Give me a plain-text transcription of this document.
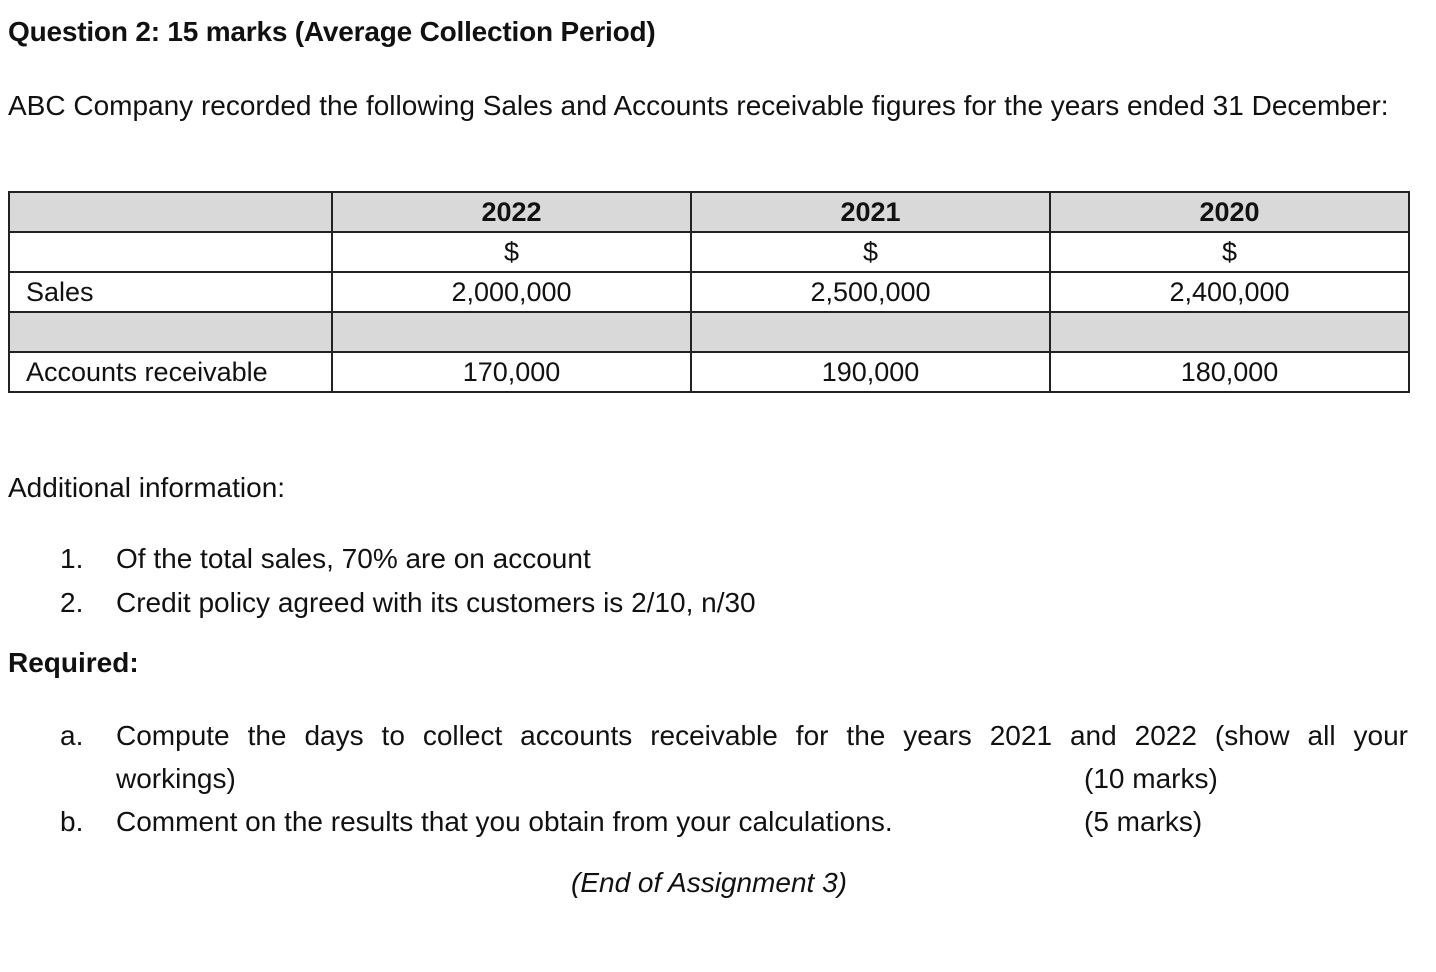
Question 2: 15 marks (Average Collection Period)
ABC Company recorded the following Sales and Accounts receivable figures for the years ended 31 December:
	2022	2021	2020
	$	$	$
Sales	2,000,000	2,500,000	2,400,000

Accounts receivable	170,000	190,000	180,000
Additional information:
1.	Of the total sales, 70% are on account
2.	Credit policy agreed with its customers is 2/10, n/30
Required:
a.	Compute the days to collect accounts receivable for the years 2021 and 2022 (show all your
workings)	(10 marks)
b.	Comment on the results that you obtain from your calculations.	(5 marks)
(End of Assignment 3)
